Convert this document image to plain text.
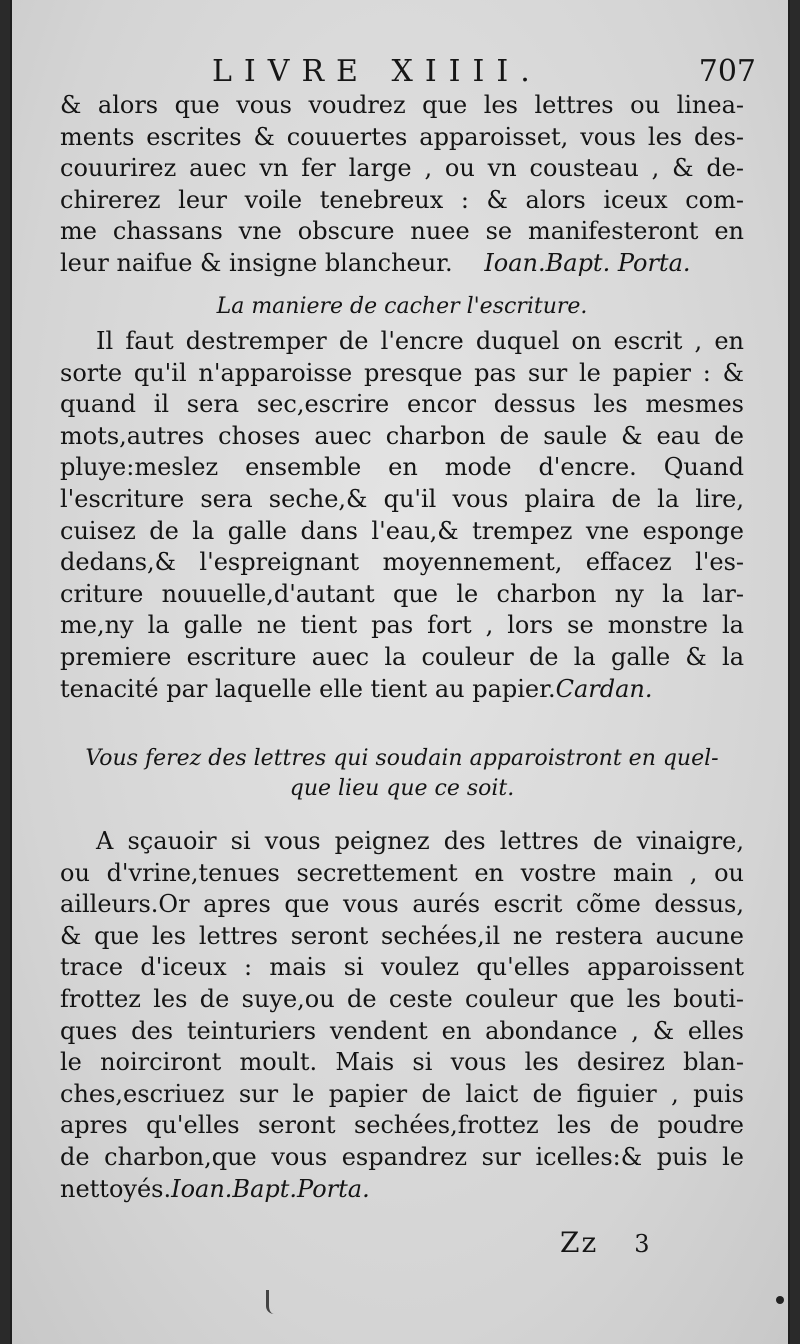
LIVRE XIIII.	707
& alors que vous voudrez que les lettres ou linea-
ments escrites & couuertes apparoisset, vous les des-
couurirez auec vn fer large , ou vn cousteau , & de-
chirerez leur voile tenebreux : & alors iceux com-
me chassans vne obscure nuee se manifesteront en
leur naifue & insigne blancheur. Ioan.Bapt. Porta.
La maniere de cacher l'escriture.
Il faut destremper de l'encre duquel on escrit , en
sorte qu'il n'apparoisse presque pas sur le papier : &
quand il sera sec,escrire encor dessus les mesmes
mots,autres choses auec charbon de saule & eau de
pluye:meslez ensemble en mode d'encre. Quand
l'escriture sera seche,& qu'il vous plaira de la lire,
cuisez de la galle dans l'eau,& trempez vne esponge
dedans,& l'espreignant moyennement, effacez l'es-
criture nouuelle,d'autant que le charbon ny la lar-
me,ny la galle ne tient pas fort , lors se monstre la
premiere escriture auec la couleur de la galle & la
tenacité par laquelle elle tient au papier.Cardan.
Vous ferez des lettres qui soudain apparoistront en quel-
que lieu que ce soit.
A sçauoir si vous peignez des lettres de vinaigre,
ou d'vrine,tenues secrettement en vostre main , ou
ailleurs.Or apres que vous aurés escrit cõme dessus,
& que les lettres seront sechées,il ne restera aucune
trace d'iceux : mais si voulez qu'elles apparoissent
frottez les de suye,ou de ceste couleur que les bouti-
ques des teinturiers vendent en abondance , & elles
le noirciront moult. Mais si vous les desirez blan-
ches,escriuez sur le papier de laict de figuier , puis
apres qu'elles seront sechées,frottez les de poudre
de charbon,que vous espandrez sur icelles:& puis le
nettoyés.Ioan.Bapt.Porta.
Zz 3
